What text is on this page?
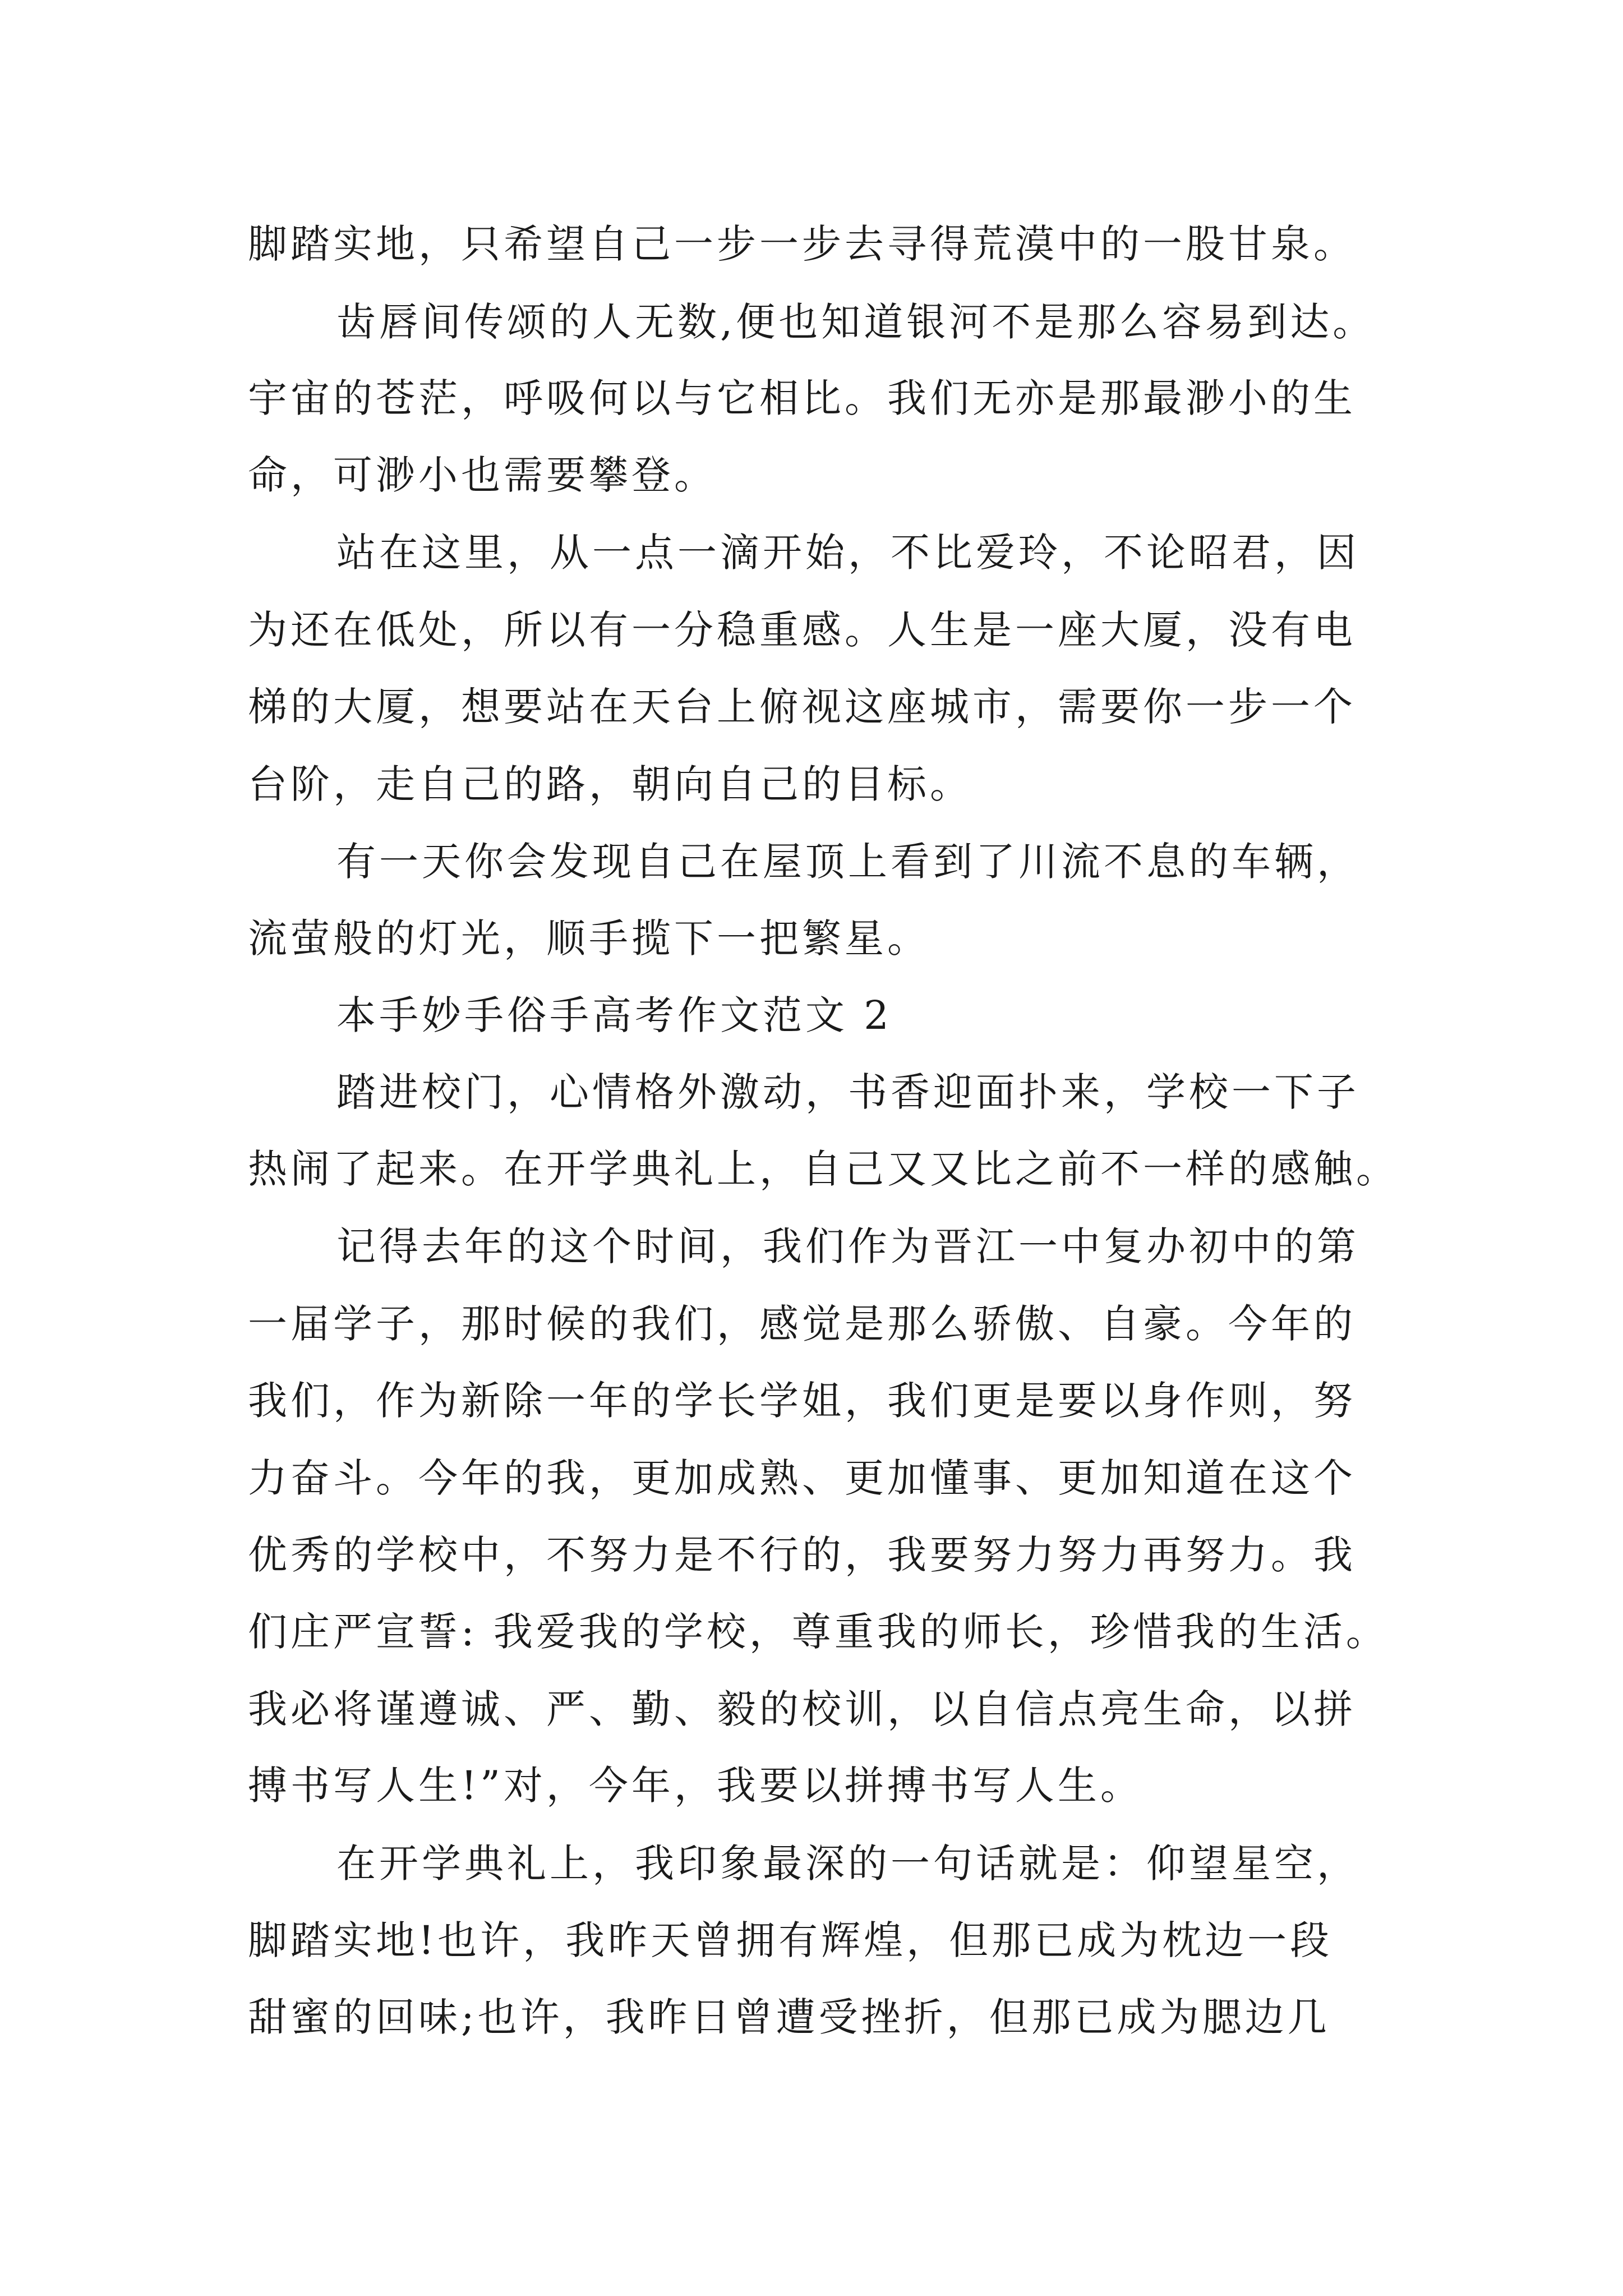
脚踏实地，只希望自己一步一步去寻得荒漠中的一股甘泉。
齿唇间传颂的人无数,便也知道银河不是那么容易到达。
宇宙的苍茫，呼吸何以与它相比。我们无亦是那最渺小的生
命，可渺小也需要攀登。
站在这里，从一点一滴开始，不比爱玲，不论昭君，因
为还在低处，所以有一分稳重感。人生是一座大厦，没有电
梯的大厦，想要站在天台上俯视这座城市，需要你一步一个
台阶，走自己的路，朝向自己的目标。
有一天你会发现自己在屋顶上看到了川流不息的车辆，
流萤般的灯光，顺手揽下一把繁星。
本手妙手俗手高考作文范文 2
踏进校门，心情格外激动，书香迎面扑来，学校一下子
热闹了起来。在开学典礼上，自己又又比之前不一样的感触。
记得去年的这个时间，我们作为晋江一中复办初中的第
一届学子，那时候的我们，感觉是那么骄傲、自豪。今年的
我们，作为新除一年的学长学姐，我们更是要以身作则，努
力奋斗。今年的我，更加成熟、更加懂事、更加知道在这个
优秀的学校中，不努力是不行的，我要努力努力再努力。我
们庄严宣誓: 我爱我的学校，尊重我的师长，珍惜我的生活。
我必将谨遵诚、严、勤、毅的校训，以自信点亮生命，以拼
搏书写人生!”对，今年，我要以拼搏书写人生。
在开学典礼上，我印象最深的一句话就是：仰望星空，
脚踏实地!也许，我昨天曾拥有辉煌，但那已成为枕边一段
甜蜜的回味;也许，我昨日曾遭受挫折，但那已成为腮边几
